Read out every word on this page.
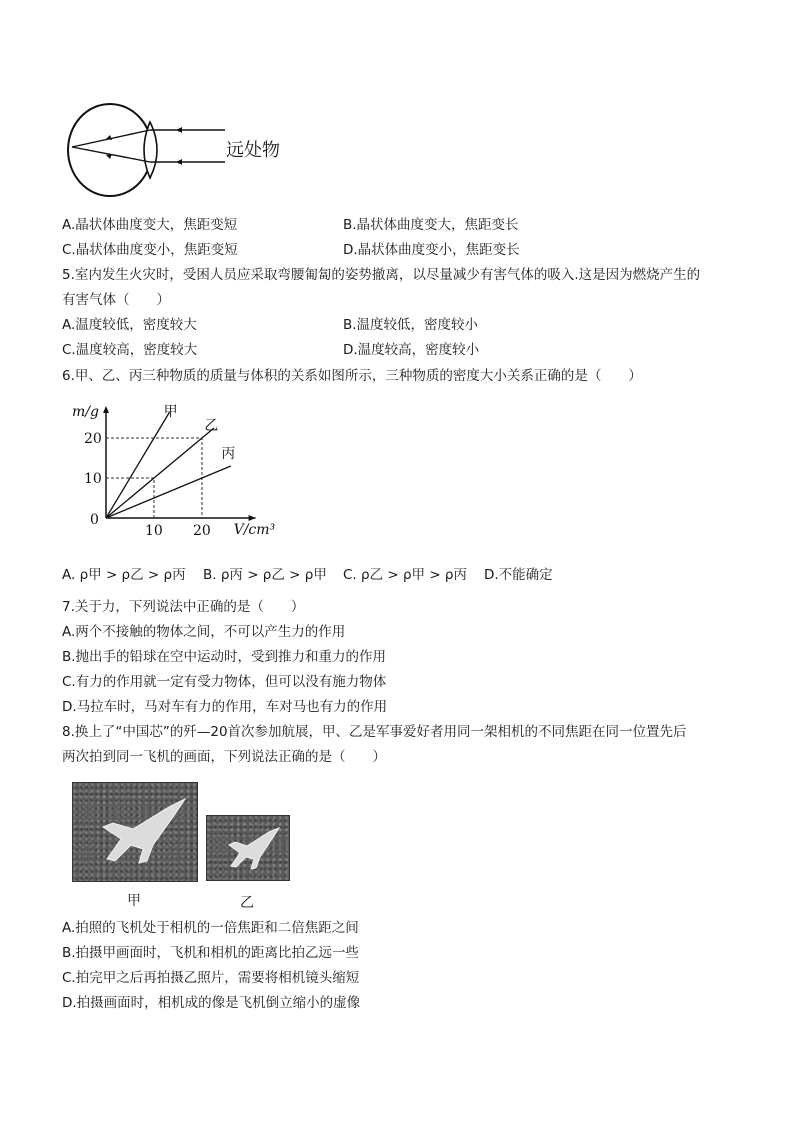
远处物
A.晶状体曲度变大，焦距变短	B.晶状体曲度变大，焦距变长
C.晶状体曲度变小，焦距变短	D.晶状体曲度变小，焦距变长
5.室内发生火灾时，受困人员应采取弯腰匍匐的姿势撤离，以尽量减少有害气体的吸入.这是因为燃烧产生的
有害气体（　　）
A.温度较低，密度较大	B.温度较低，密度较小
C.温度较高，密度较大	D.温度较高，密度较小
6.甲、乙、丙三种物质的质量与体积的关系如图所示，三种物质的密度大小关系正确的是（　　）
甲
乙
丙
10 20
10
20
0
m/g
V/cm³
A. ρ甲 > ρ乙 > ρ丙 B. ρ丙 > ρ乙 > ρ甲 C. ρ乙 > ρ甲 > ρ丙 D.不能确定
7.关于力，下列说法中正确的是（　　）
A.两个不接触的物体之间，不可以产生力的作用
B.抛出手的铅球在空中运动时，受到推力和重力的作用
C.有力的作用就一定有受力物体，但可以没有施力物体
D.马拉车时，马对车有力的作用，车对马也有力的作用
8.换上了“中国芯”的歼—20首次参加航展，甲、乙是军事爱好者用同一架相机的不同焦距在同一位置先后
两次拍到同一飞机的画面，下列说法正确的是（　　）
甲	乙
A.拍照的飞机处于相机的一倍焦距和二倍焦距之间
B.拍摄甲画面时，飞机和相机的距离比拍乙远一些
C.拍完甲之后再拍摄乙照片，需要将相机镜头缩短
D.拍摄画面时，相机成的像是飞机倒立缩小的虚像
